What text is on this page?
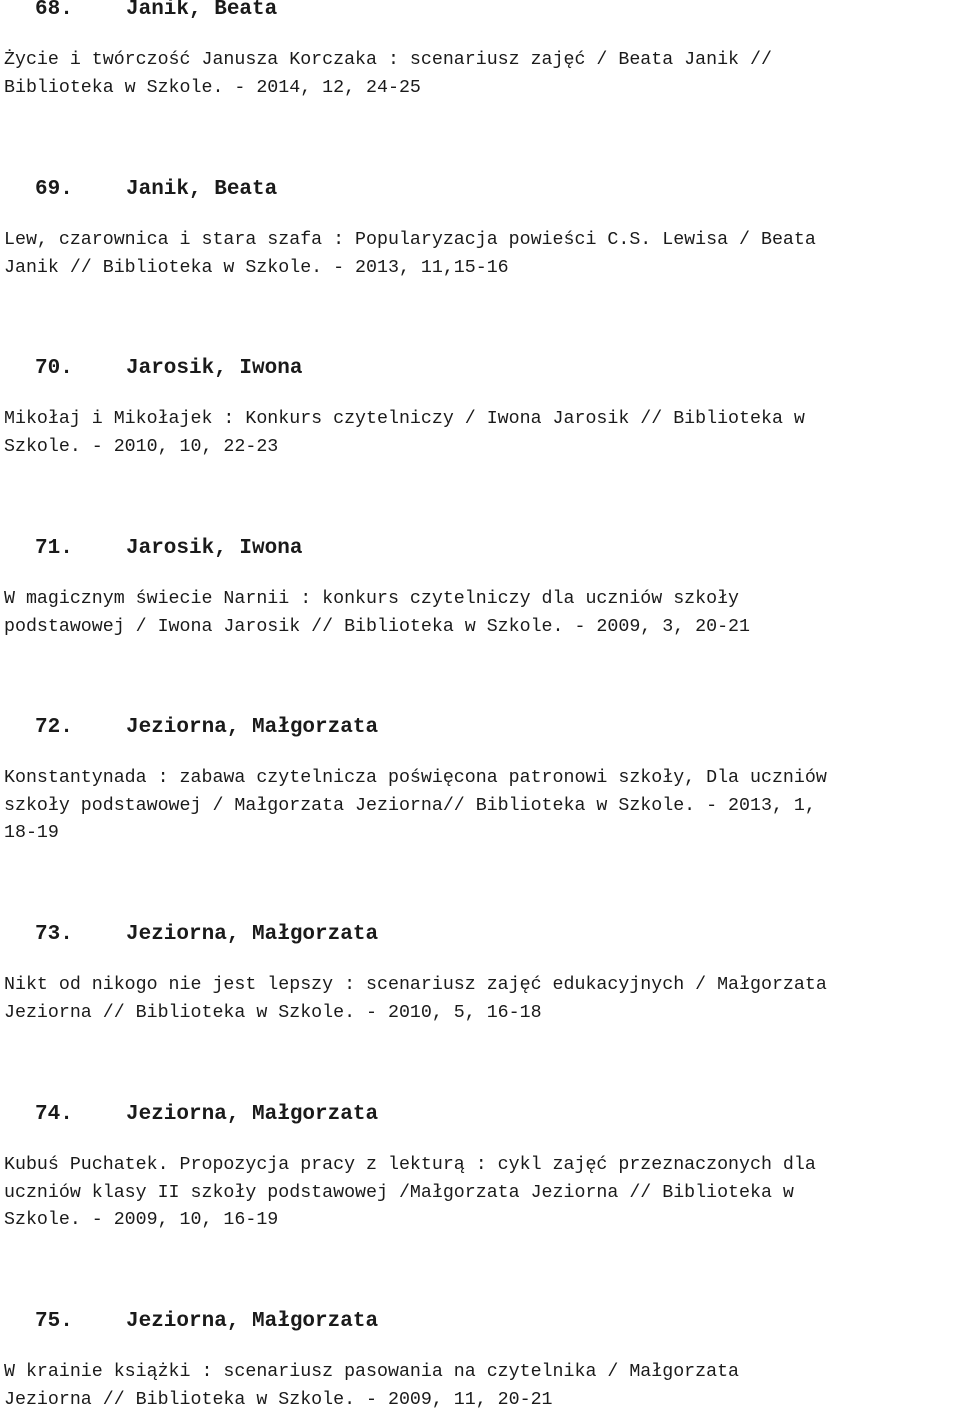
68.

	Janik, Beata

Życie i twórczość Janusza Korczaka : scenariusz zajęć / Beata Janik //
Biblioteka w Szkole. - 2014, 12, 24-25

69.

	Janik, Beata

Lew, czarownica i stara szafa : Popularyzacja powieści C.S. Lewisa / Beata
Janik // Biblioteka w Szkole. - 2013, 11,15-16

70.

	Jarosik, Iwona

Mikołaj i Mikołajek : Konkurs czytelniczy / Iwona Jarosik // Biblioteka w
Szkole. - 2010, 10, 22-23

71.

	Jarosik, Iwona

W magicznym świecie Narnii : konkurs czytelniczy dla uczniów szkoły
podstawowej / Iwona Jarosik // Biblioteka w Szkole. - 2009, 3, 20-21

72.

	Jeziorna, Małgorzata

Konstantynada : zabawa czytelnicza poświęcona patronowi szkoły, Dla uczniów
szkoły podstawowej / Małgorzata Jeziorna// Biblioteka w Szkole. - 2013, 1,
18-19

73.

	Jeziorna, Małgorzata

Nikt od nikogo nie jest lepszy : scenariusz zajęć edukacyjnych / Małgorzata
Jeziorna // Biblioteka w Szkole. - 2010, 5, 16-18

74.

	Jeziorna, Małgorzata

Kubuś Puchatek. Propozycja pracy z lekturą : cykl zajęć przeznaczonych dla
uczniów klasy II szkoły podstawowej /Małgorzata Jeziorna // Biblioteka w
Szkole. - 2009, 10, 16-19

75.

	Jeziorna, Małgorzata

W krainie książki : scenariusz pasowania na czytelnika / Małgorzata
Jeziorna // Biblioteka w Szkole. - 2009, 11, 20-21
